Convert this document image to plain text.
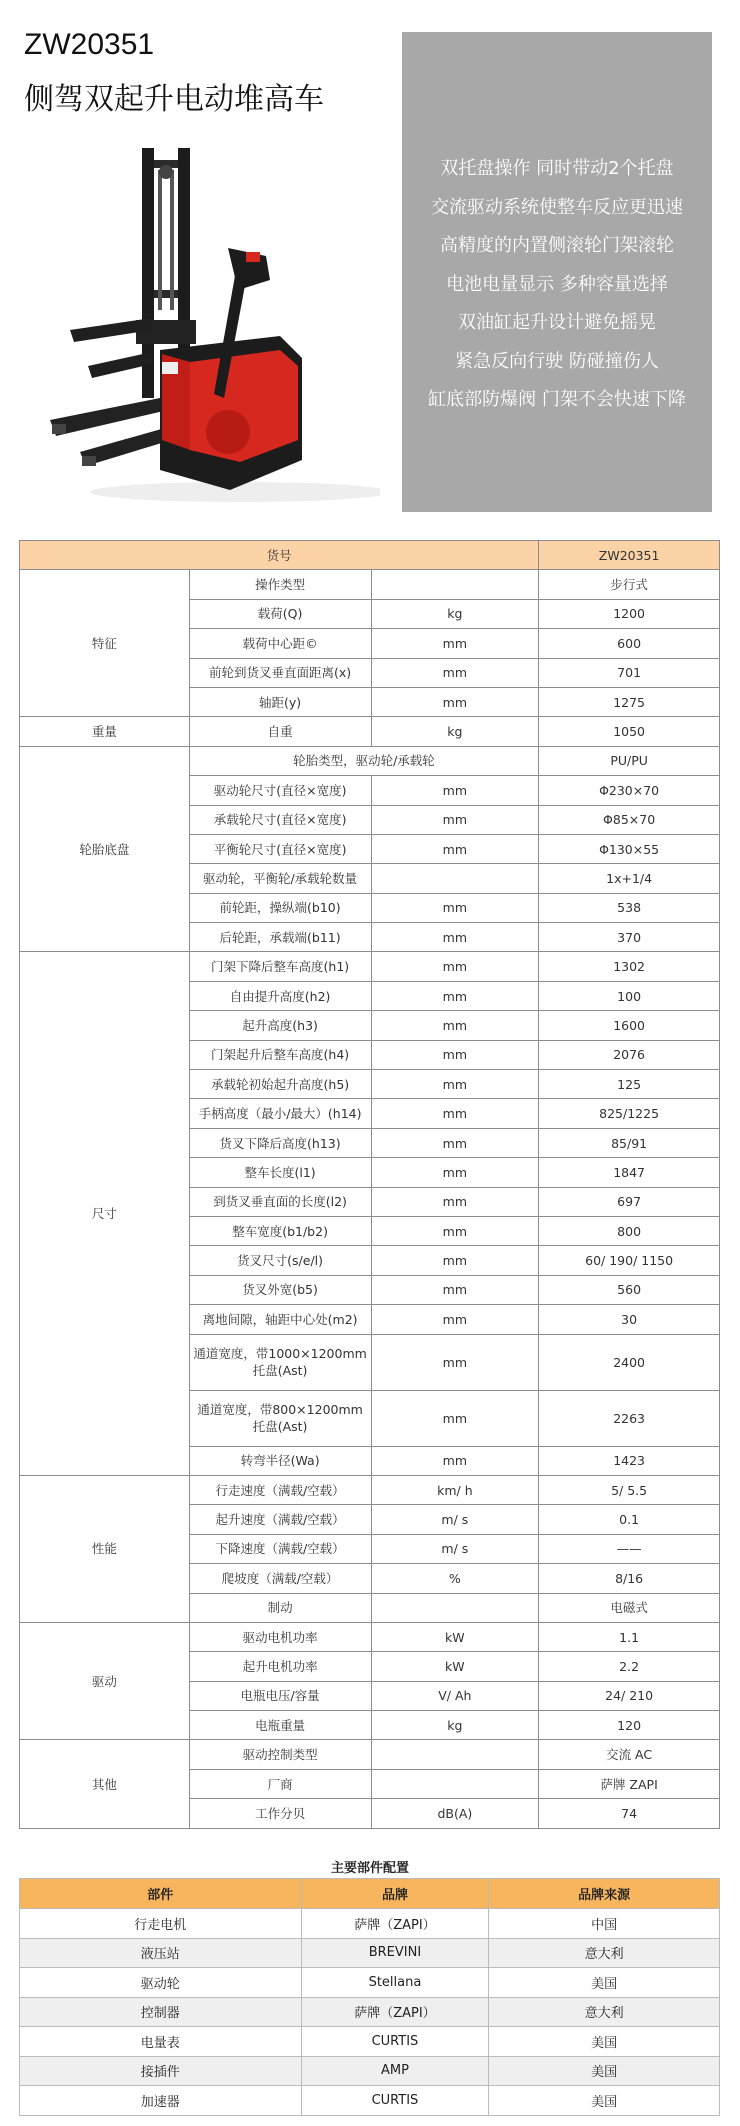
ZW20351
侧驾双起升电动堆高车
双托盘操作 同时带动2个托盘
交流驱动系统使整车反应更迅速
高精度的内置侧滚轮门架滚轮
电池电量显示 多种容量选择
双油缸起升设计避免摇晃
紧急反向行驶 防碰撞伤人
缸底部防爆阀 门架不会快速下降
货号			ZW20351
特征	操作类型		步行式
	载荷(Q)	kg	1200
	载荷中心距©	mm	600
	前轮到货叉垂直面距离(x)	mm	701
	轴距(y)	mm	1275
重量	自重	kg	1050
轮胎底盘	轮胎类型，驱动轮/承载轮		PU/PU
	驱动轮尺寸(直径×宽度)	mm	Φ230×70
	承载轮尺寸(直径×宽度)	mm	Φ85×70
	平衡轮尺寸(直径×宽度)	mm	Φ130×55
	驱动轮，平衡轮/承载轮数量		1x+1/4
	前轮距，操纵端(b10)	mm	538
	后轮距，承载端(b11)	mm	370
尺寸	门架下降后整车高度(h1)	mm	1302
	自由提升高度(h2)	mm	100
	起升高度(h3)	mm	1600
	门架起升后整车高度(h4)	mm	2076
	承载轮初始起升高度(h5)	mm	125
	手柄高度（最小/最大）(h14)	mm	825/1225
	货叉下降后高度(h13)	mm	85/91
	整车长度(l1)	mm	1847
	到货叉垂直面的长度(l2)	mm	697
	整车宽度(b1/b2)	mm	800
	货叉尺寸(s/e/l)	mm	60/ 190/ 1150
	货叉外宽(b5)	mm	560
	离地间隙，轴距中心处(m2)	mm	30
	通道宽度，带1000×1200mm托盘(Ast)	mm	2400
	通道宽度，带800×1200mm托盘(Ast)	mm	2263
	转弯半径(Wa)	mm	1423
性能	行走速度（满载/空载）	km/ h	5/ 5.5
	起升速度（满载/空载）	m/ s	0.1
	下降速度（满载/空载）	m/ s	——
	爬坡度（满载/空载）	%	8/16
	制动		电磁式
驱动	驱动电机功率	kW	1.1
	起升电机功率	kW	2.2
	电瓶电压/容量	V/ Ah	24/ 210
	电瓶重量	kg	120
其他	驱动控制类型		交流 AC
	厂商		萨牌 ZAPI
	工作分贝	dB(A)	74
主要部件配置
部件	品牌	品牌来源
行走电机	萨牌（ZAPI）	中国
液压站	BREVINI	意大利
驱动轮	Stellana	美国
控制器	萨牌（ZAPI）	意大利
电量表	CURTIS	美国
接插件	AMP	美国
加速器	CURTIS	美国
